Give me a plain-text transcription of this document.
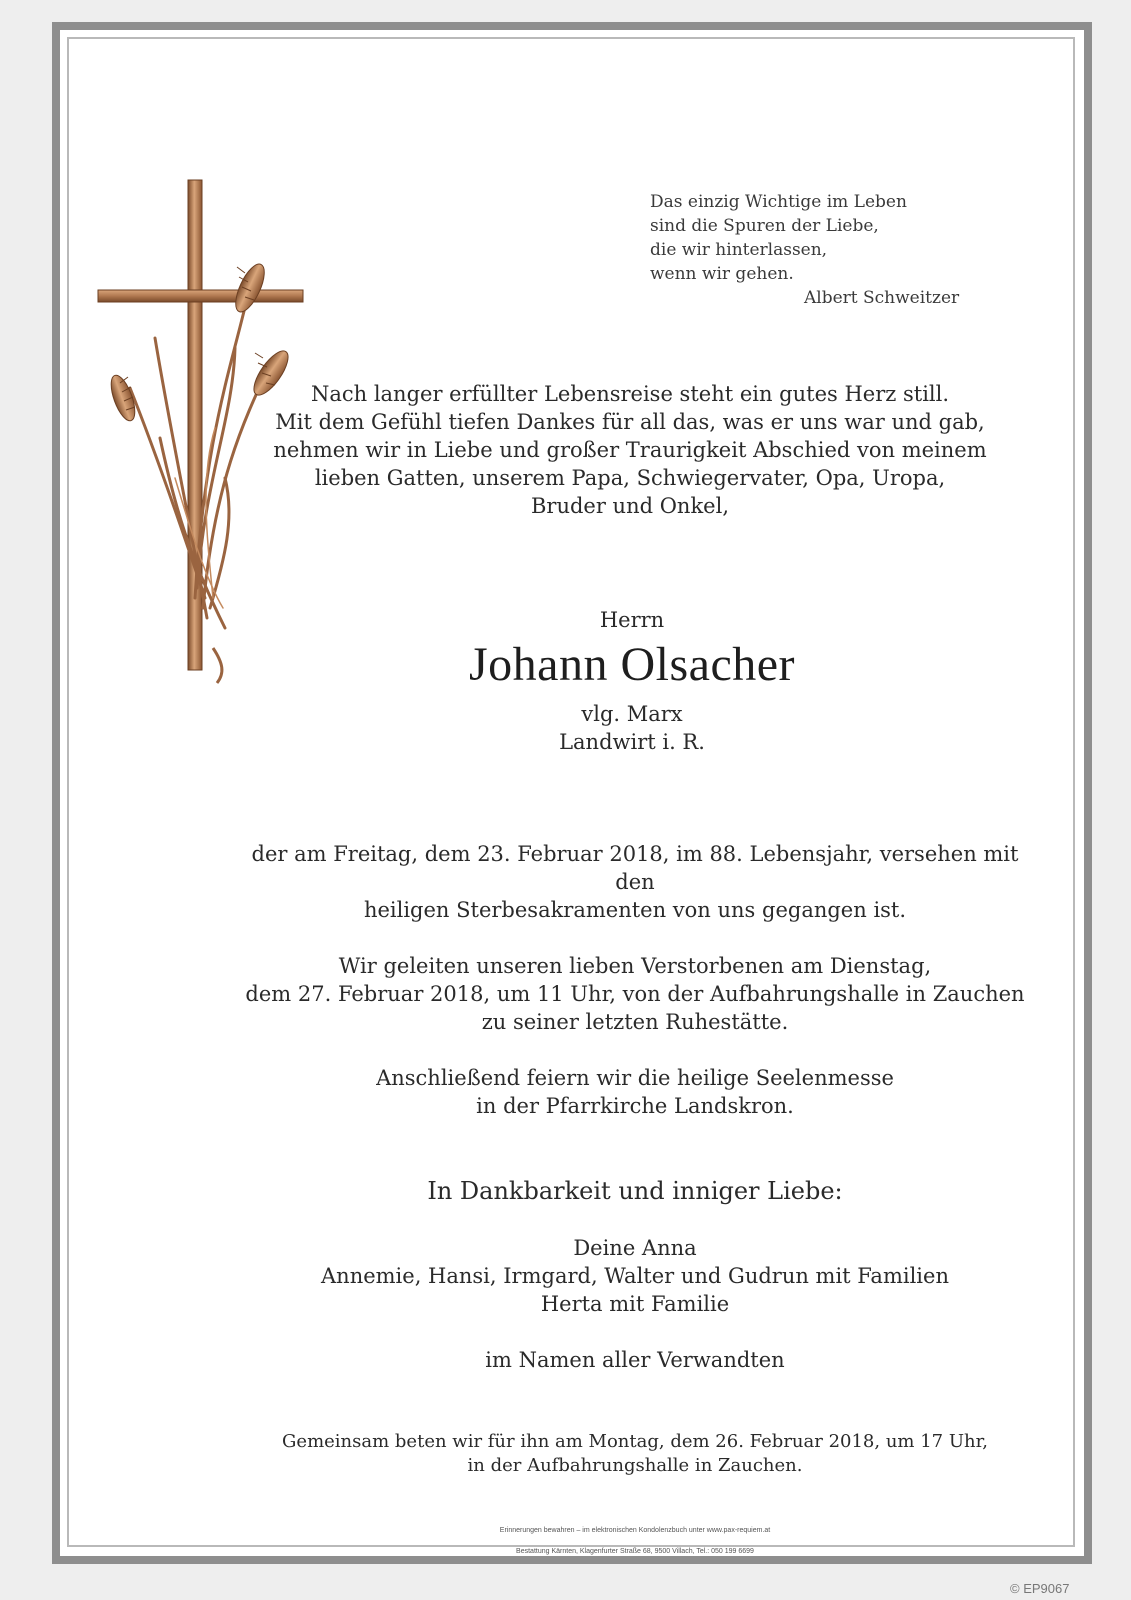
Das einzig Wichtige im Leben
sind die Spuren der Liebe,
die wir hinterlassen,
wenn wir gehen.
Albert Schweitzer
Nach langer erfüllter Lebensreise steht ein gutes Herz still.
Mit dem Gefühl tiefen Dankes für all das, was er uns war und gab,
nehmen wir in Liebe und großer Traurigkeit Abschied von meinem
lieben Gatten, unserem Papa, Schwiegervater, Opa, Uropa,
Bruder und Onkel,
Herrn
Johann Olsacher
vlg. Marx
Landwirt i. R.
der am Freitag, dem 23. Februar 2018, im 88. Lebensjahr, versehen mit den
heiligen Sterbesakramenten von uns gegangen ist.
Wir geleiten unseren lieben Verstorbenen am Dienstag,
dem 27. Februar 2018, um 11 Uhr, von der Aufbahrungshalle in Zauchen
zu seiner letzten Ruhestätte.
Anschließend feiern wir die heilige Seelenmesse
in der Pfarrkirche Landskron.
In Dankbarkeit und inniger Liebe:
Deine Anna
Annemie, Hansi, Irmgard, Walter und Gudrun mit Familien
Herta mit Familie
im Namen aller Verwandten
Gemeinsam beten wir für ihn am Montag, dem 26. Februar 2018, um 17 Uhr,
in der Aufbahrungshalle in Zauchen.
Erinnerungen bewahren – im elektronischen Kondolenzbuch unter www.pax-requiem.at
Bestattung Kärnten, Klagenfurter Straße 68, 9500 Villach, Tel.: 050 199 6699
© EP9067
